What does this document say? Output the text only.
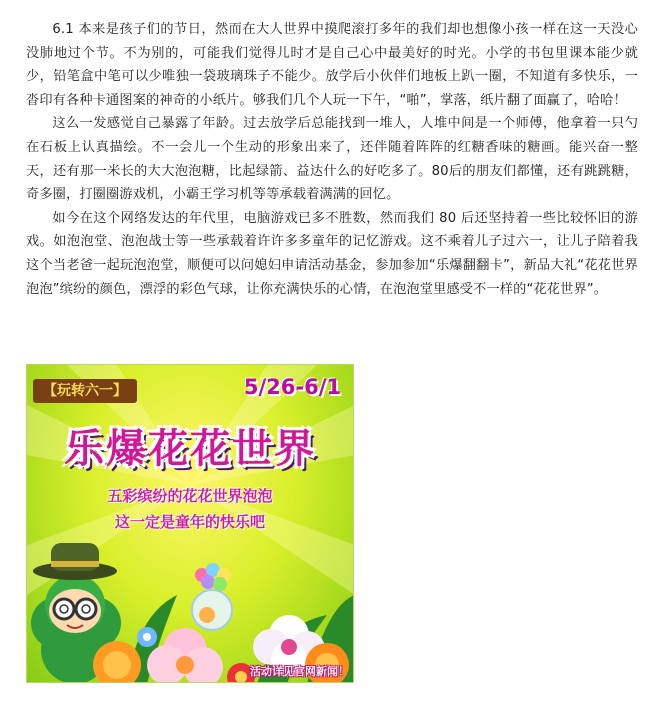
6.1 本来是孩子们的节日，然而在大人世界中摸爬滚打多年的我们却也想像小孩一样在这一天没心没肺地过个节。不为别的，可能我们觉得儿时才是自己心中最美好的时光。小学的书包里课本能少就少，铅笔盒中笔可以少唯独一袋玻璃珠子不能少。放学后小伙伴们地板上趴一圈，不知道有多快乐，一沓印有各种卡通图案的神奇的小纸片。够我们几个人玩一下午，“啪”，掌落，纸片翻了面赢了，哈哈！

这么一发感觉自己暴露了年龄。过去放学后总能找到一堆人，人堆中间是一个师傅，他拿着一只勺在石板上认真描绘。不一会儿一个生动的形象出来了，还伴随着阵阵的红糖香味的糖画。能兴奋一整天，还有那一米长的大大泡泡糖，比起绿箭、益达什么的好吃多了。80后的朋友们都懂，还有跳跳糖，奇多圈，打圈圈游戏机，小霸王学习机等等承载着满满的回忆。

如今在这个网络发达的年代里，电脑游戏已多不胜数，然而我们 80 后还坚持着一些比较怀旧的游戏。如泡泡堂、泡泡战士等一些承载着许许多多童年的记忆游戏。这不乘着儿子过六一，让儿子陪着我这个当老爸一起玩泡泡堂，顺便可以问媳妇申请活动基金，参加参加“乐爆翻翻卡”，新品大礼“花花世界泡泡”缤纷的颜色，漂浮的彩色气球，让你充满快乐的心情，在泡泡堂里感受不一样的“花花世界”。

【玩转六一】	5/26-6/1
乐爆花花世界
五彩缤纷的花花世界泡泡
这一定是童年的快乐吧
活动详见官网新闻！
